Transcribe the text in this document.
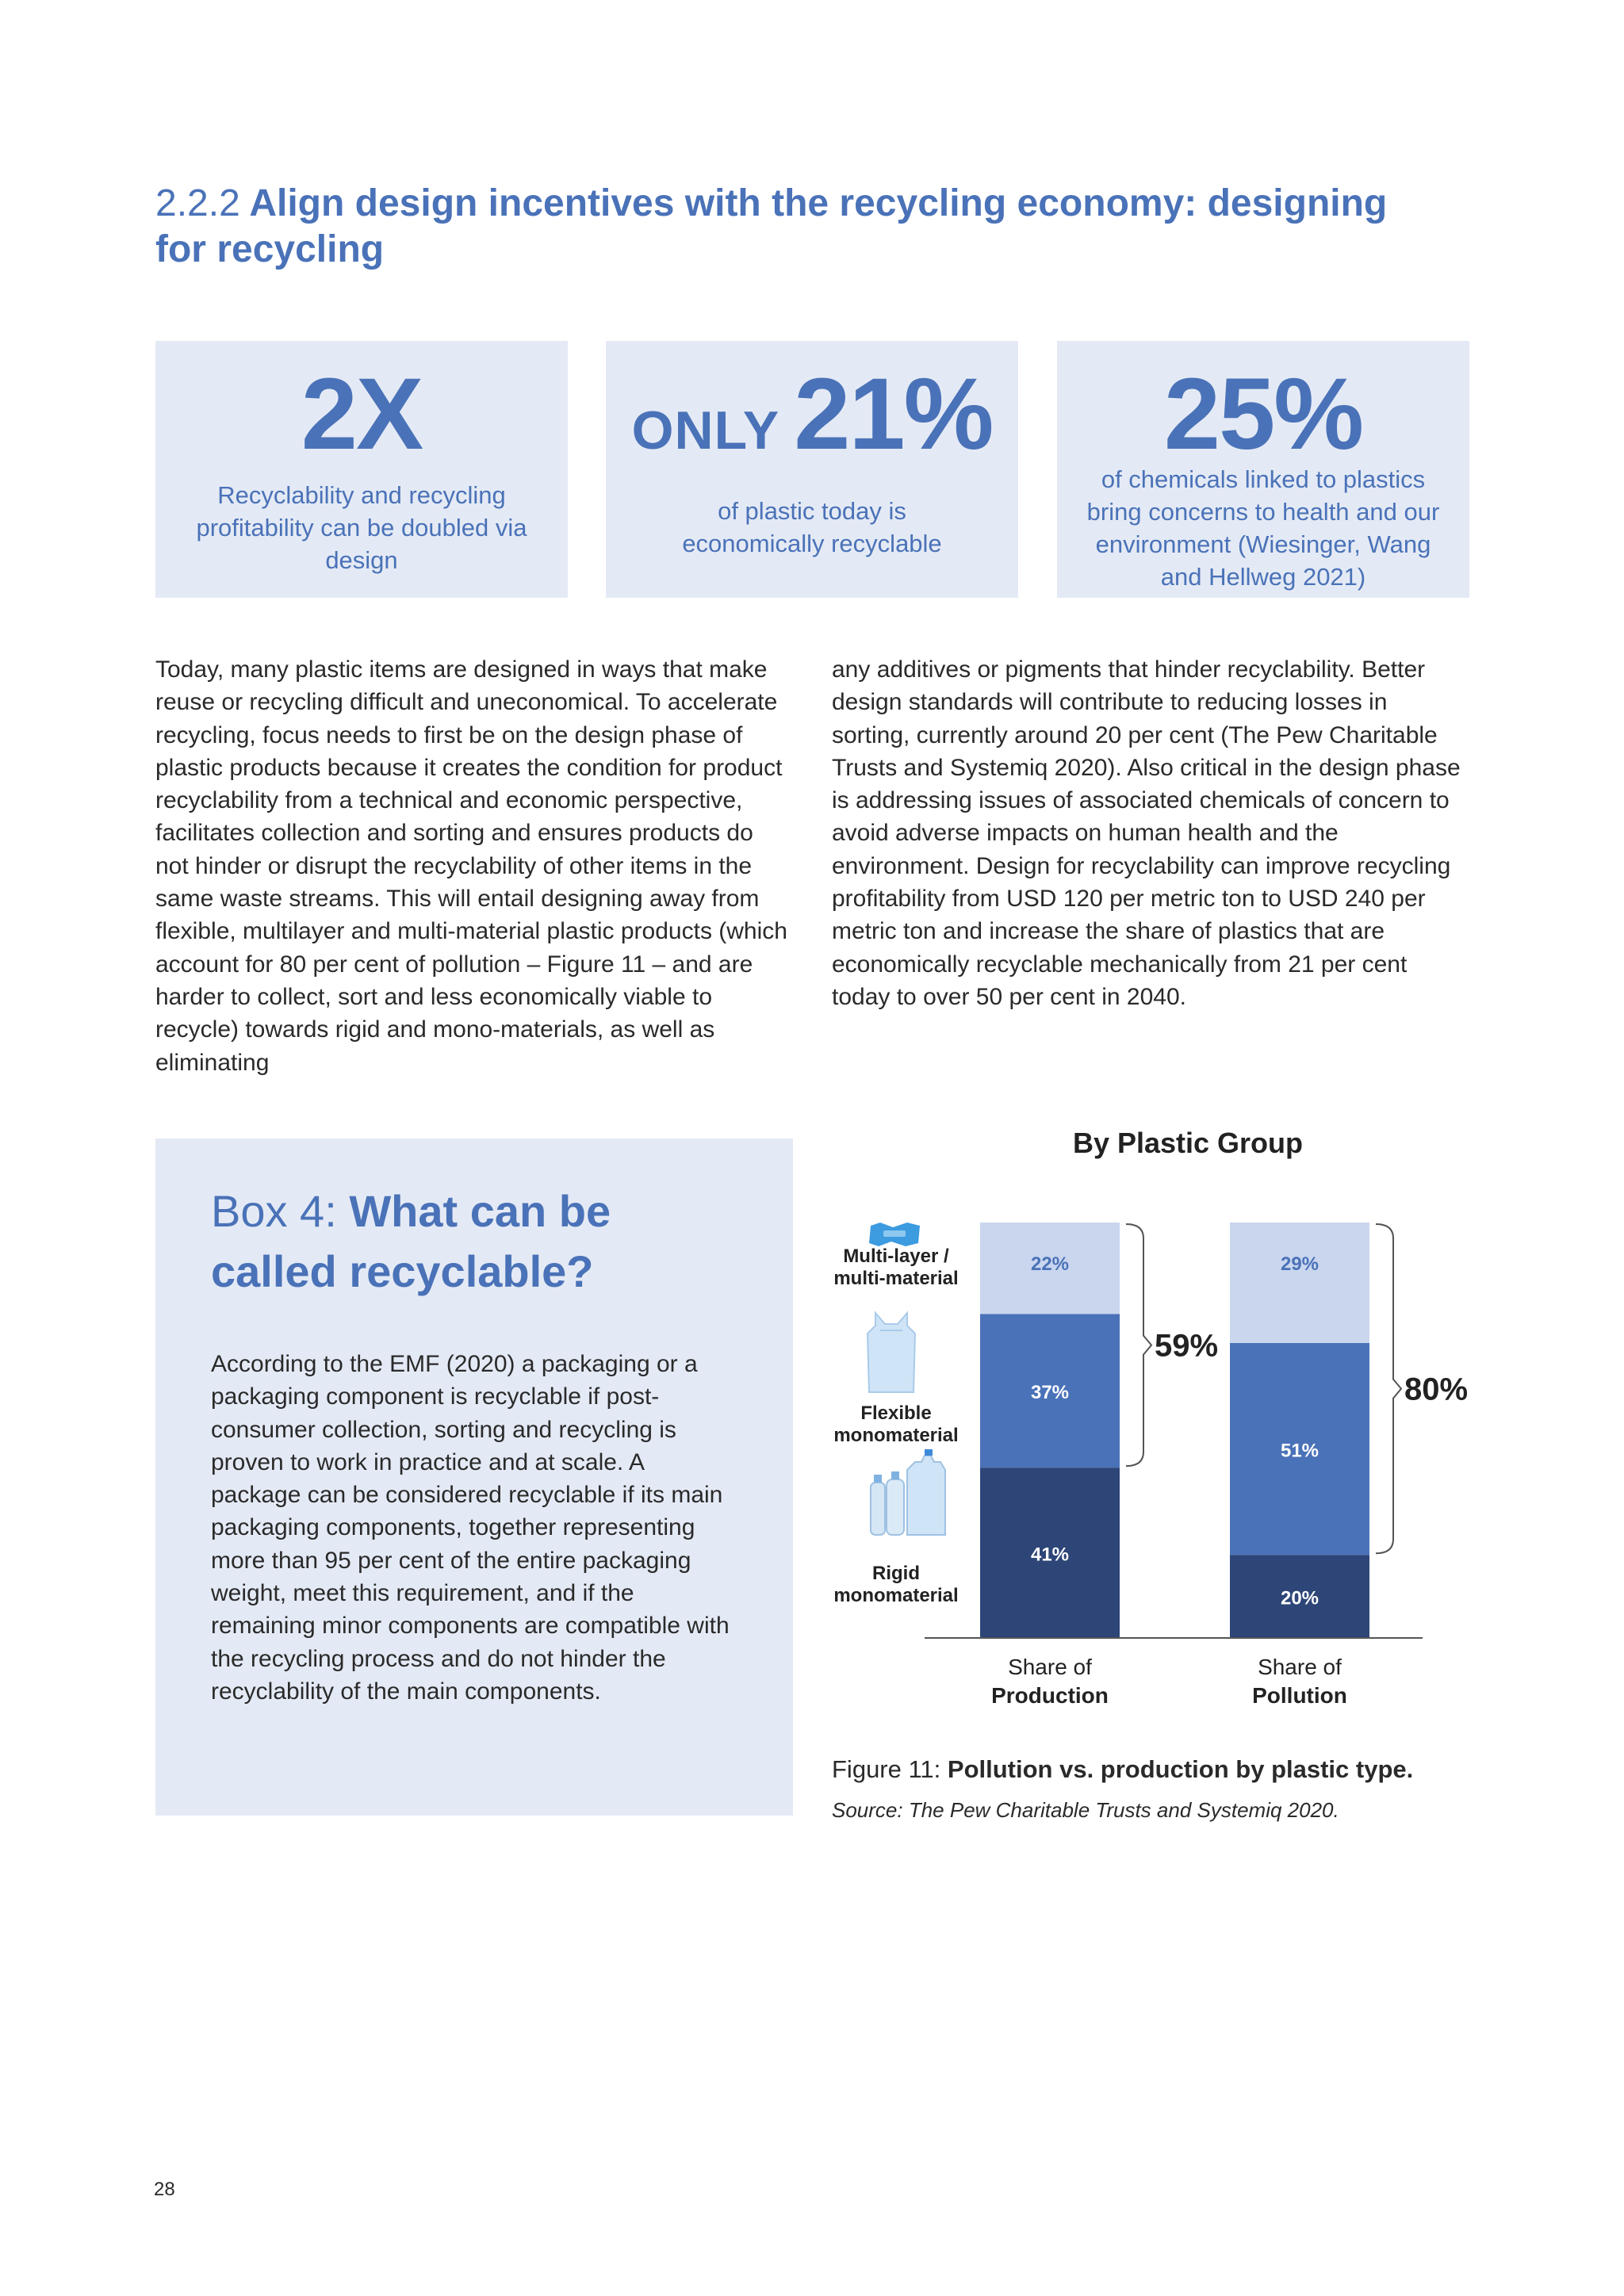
2.2.2 Align design incentives with the recycling economy: designing for recycling
2X
Recyclability and recycling profitability can be doubled via design
ONLY 21%
of plastic today is economically recyclable
25%
of chemicals linked to plastics bring concerns to health and our environment (Wiesinger, Wang and Hellweg 2021)

Today, many plastic items are designed in ways that make reuse or recycling difficult and uneconomical. To accelerate recycling, focus needs to first be on the design phase of plastic products because it creates the condition for product recyclability from a technical and economic perspective, facilitates collection and sorting and ensures products do not hinder or disrupt the recyclability of other items in the same waste streams. This will entail designing away from flexible, multilayer and multi-material plastic products (which account for 80 per cent of pollution – Figure 11 – and are harder to collect, sort and less economically viable to recycle) towards rigid and mono-materials, as well as eliminating

any additives or pigments that hinder recyclability. Better design standards will contribute to reducing losses in sorting, currently around 20 per cent (The Pew Charitable Trusts and Systemiq 2020). Also critical in the design phase is addressing issues of associated chemicals of concern to avoid adverse impacts on human health and the environment. Design for recyclability can improve recycling profitability from USD 120 per metric ton to USD 240 per metric ton and increase the share of plastics that are economically recyclable mechanically from 21 per cent today to over 50 per cent in 2040.

Box 4: What can be called recyclable?

According to the EMF (2020) a packaging or a packaging component is recyclable if post-consumer collection, sorting and recycling is proven to work in practice and at scale. A package can be considered recyclable if its main packaging components, together representing more than 95 per cent of the entire packaging weight, meet this requirement, and if the remaining minor components are compatible with the recycling process and do not hinder the recyclability of the main components.

By Plastic Group
Rigid
monomaterial
Flexible
monomaterial
Multi-layer /
multi-material
41%
37%
22%
20%
51%
29%
59%
80%
Share of
Production
Share of
Pollution
Figure 11: Pollution vs. production by plastic type.
Source: The Pew Charitable Trusts and Systemiq 2020.
28
